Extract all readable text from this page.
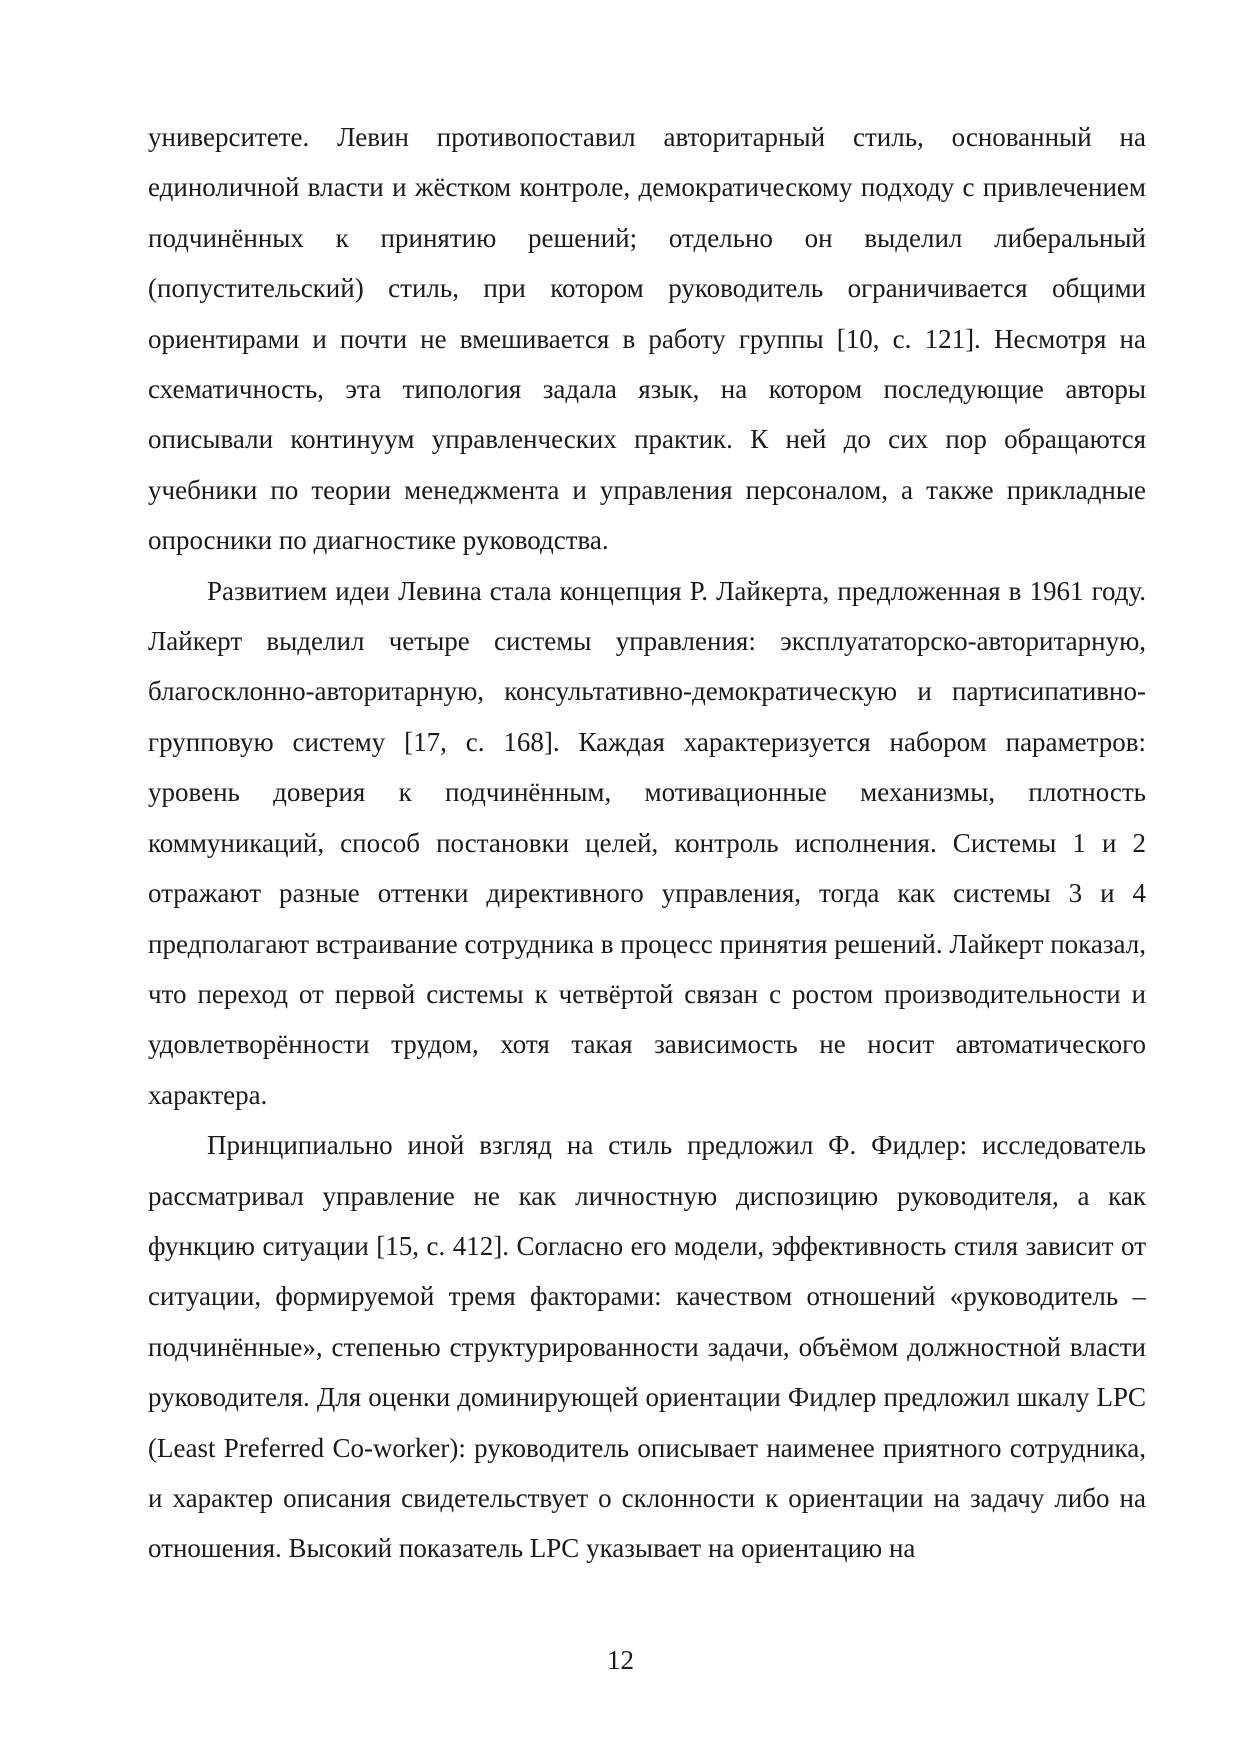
университете. Левин противопоставил авторитарный стиль, основанный на единоличной власти и жёстком контроле, демократическому подходу с привлечением подчинённых к принятию решений; отдельно он выделил либеральный (попустительский) стиль, при котором руководитель ограничивается общими ориентирами и почти не вмешивается в работу группы [10, с. 121]. Несмотря на схематичность, эта типология задала язык, на котором последующие авторы описывали континуум управленческих практик. К ней до сих пор обращаются учебники по теории менеджмента и управления персоналом, а также прикладные опросники по диагностике руководства.

Развитием идеи Левина стала концепция Р. Лайкерта, предложенная в 1961 году. Лайкерт выделил четыре системы управления: эксплуататорско-авторитарную, благосклонно-авторитарную, консультативно-демократическую и партисипативно-групповую систему [17, с. 168]. Каждая характеризуется набором параметров: уровень доверия к подчинённым, мотивационные механизмы, плотность коммуникаций, способ постановки целей, контроль исполнения. Системы 1 и 2 отражают разные оттенки директивного управления, тогда как системы 3 и 4 предполагают встраивание сотрудника в процесс принятия решений. Лайкерт показал, что переход от первой системы к четвёртой связан с ростом производительности и удовлетворённости трудом, хотя такая зависимость не носит автоматического характера.

Принципиально иной взгляд на стиль предложил Ф. Фидлер: исследователь рассматривал управление не как личностную диспозицию руководителя, а как функцию ситуации [15, с. 412]. Согласно его модели, эффективность стиля зависит от ситуации, формируемой тремя факторами: качеством отношений «руководитель – подчинённые», степенью структурированности задачи, объёмом должностной власти руководителя. Для оценки доминирующей ориентации Фидлер предложил шкалу LPC (Least Preferred Co-worker): руководитель описывает наименее приятного сотрудника, и характер описания свидетельствует о склонности к ориентации на задачу либо на отношения. Высокий показатель LPC указывает на ориентацию на

12
